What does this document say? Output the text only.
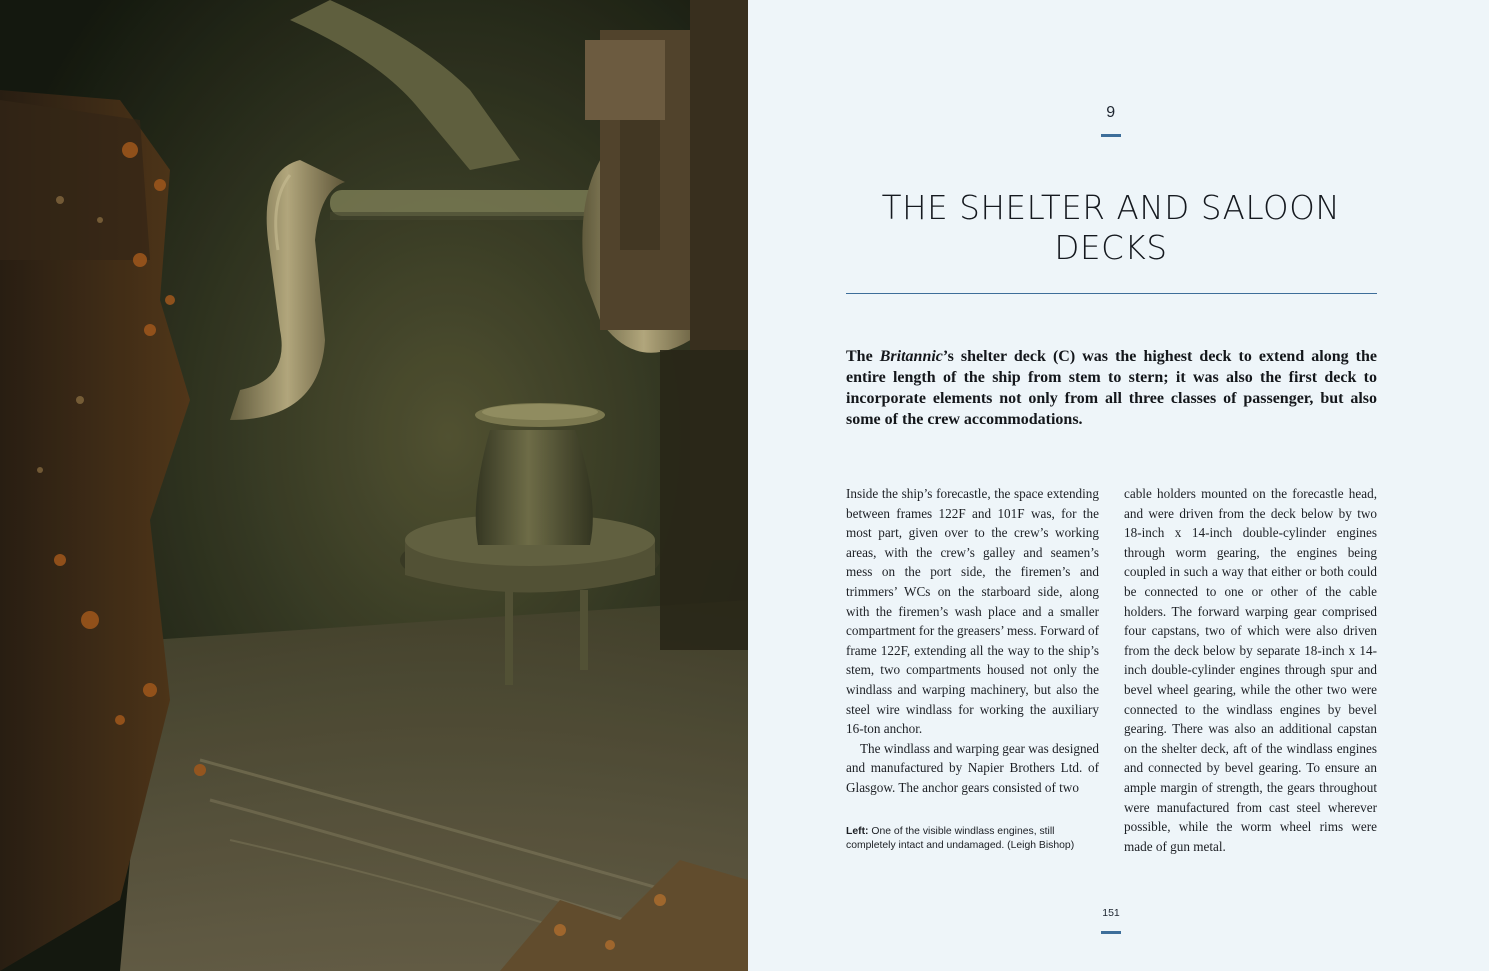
9
THE SHELTER AND SALOON
DECKS
The Britannic’s shelter deck (C) was the highest deck to extend along the entire length of the ship from stem to stern; it was also the first deck to incorporate elements not only from all three classes of passenger, but also some of the crew accommodations.

Inside the ship’s forecastle, the space extending between frames 122F and 101F was, for the most part, given over to the crew’s working areas, with the crew’s galley and seamen’s mess on the port side, the firemen’s and trimmers’ WCs on the starboard side, along with the firemen’s wash place and a smaller compartment for the greasers’ mess. Forward of frame 122F, extending all the way to the ship’s stem, two compartments housed not only the windlass and warping machinery, but also the steel wire windlass for working the auxiliary 16-ton anchor.

The windlass and warping gear was designed and manufactured by Napier Brothers Ltd. of Glasgow. The anchor gears consisted of two

Left: One of the visible windlass engines, still completely intact and undamaged. (Leigh Bishop)

cable holders mounted on the forecastle head, and were driven from the deck below by two 18-inch x 14-inch double-cylinder engines through worm gearing, the engines being coupled in such a way that either or both could be connected to one or other of the cable holders. The forward warping gear comprised four capstans, two of which were also driven from the deck below by separate 18-inch x 14-inch double-cylinder engines through spur and bevel wheel gearing, while the other two were connected to the windlass engines by bevel gearing. There was also an additional capstan on the shelter deck, aft of the windlass engines and connected by bevel gearing. To ensure an ample margin of strength, the gears throughout were manufactured from cast steel wherever possible, while the worm wheel rims were made of gun metal.

151
